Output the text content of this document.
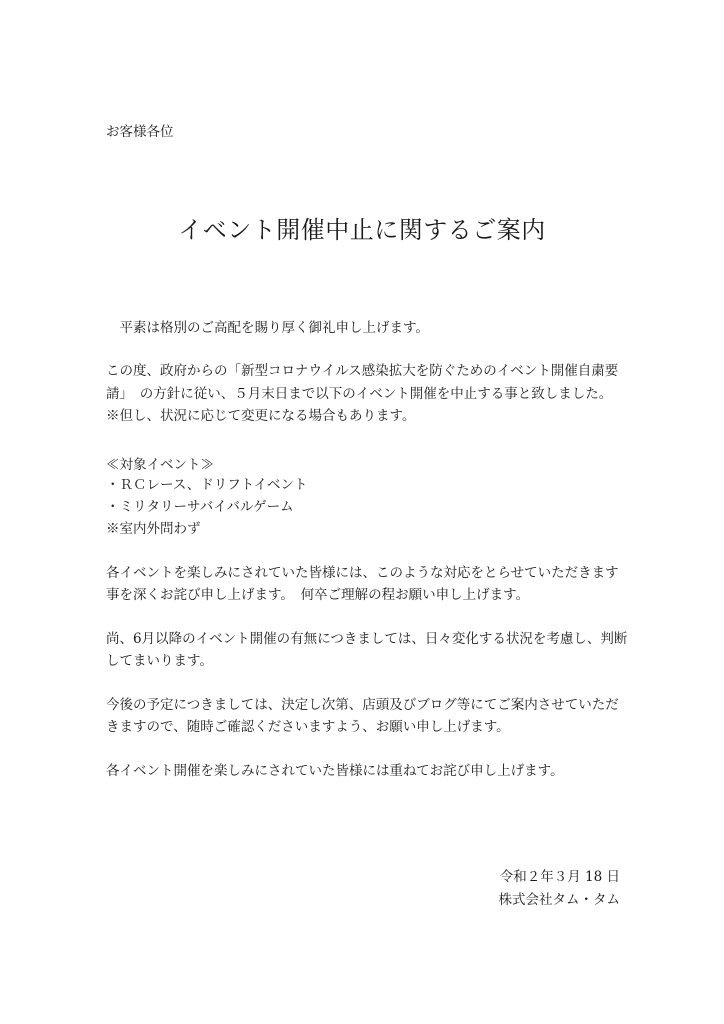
お客様各位
イベント開催中止に関するご案内
　平素は格別のご高配を賜り厚く御礼申し上げます。
この度、政府からの「新型コロナウイルス感染拡大を防ぐためのイベント開催自粛要
請」　の方針に従い、５月末日まで以下のイベント開催を中止する事と致しました。
※但し、状況に応じて変更になる場合もあります。
≪対象イベント≫
・ＲＣレース、ドリフトイベント
・ミリタリーサバイバルゲーム
※室内外問わず
各イベントを楽しみにされていた皆様には、このような対応をとらせていただきます
事を深くお詫び申し上げます。　何卒ご理解の程お願い申し上げます。
尚、6月以降のイベント開催の有無につきましては、日々変化する状況を考慮し、判断
してまいります。
今後の予定につきましては、決定し次第、店頭及びブログ等にてご案内させていただ
きますので、随時ご確認くださいますよう、お願い申し上げます。
各イベント開催を楽しみにされていた皆様には重ねてお詫び申し上げます。
令和２年３月 18 日
株式会社タム・タム
